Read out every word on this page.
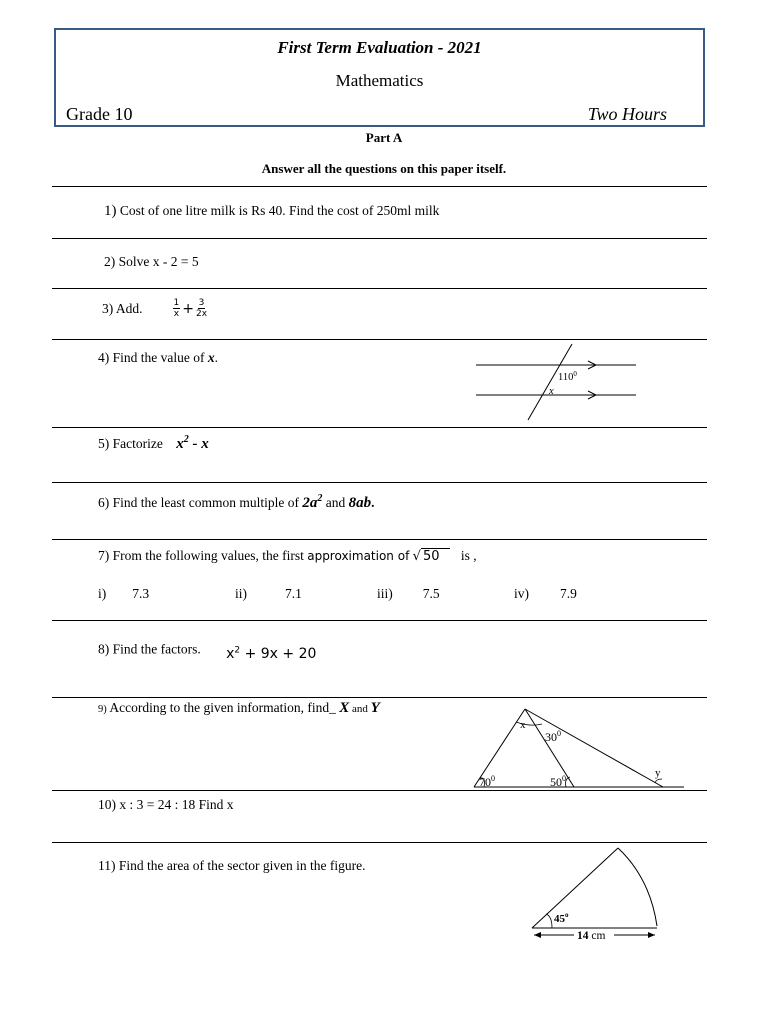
First Term Evaluation - 2021
Mathematics
Grade 10	Two Hours
Part A
Answer all the questions on this paper itself.
1) Cost of one litre milk is Rs 40. Find the cost of 250ml milk
2) Solve x - 2 = 5
3) Add.	$\frac{1}{x} + \frac{3}{2x}$
4) Find the value of x.
$110^0$
x
5) Factorize $x^2$ - x
6) Find the least common multiple of $2a^2$ and 8ab.
7) From the following values, the first approximation of √ 50 is ,
i) 7.3	ii)	7.1	iii) 7.5	iv) 7.9
8) Find the factors. $x^2 + 9x + 20$
9) According to the given information, find_ X and Y
x
$30^0$
$70^0$	$50^0$	y
10) x : 3 = 24 : 18 Find x
11) Find the area of the sector given in the figure.
45$^o$
14 cm
